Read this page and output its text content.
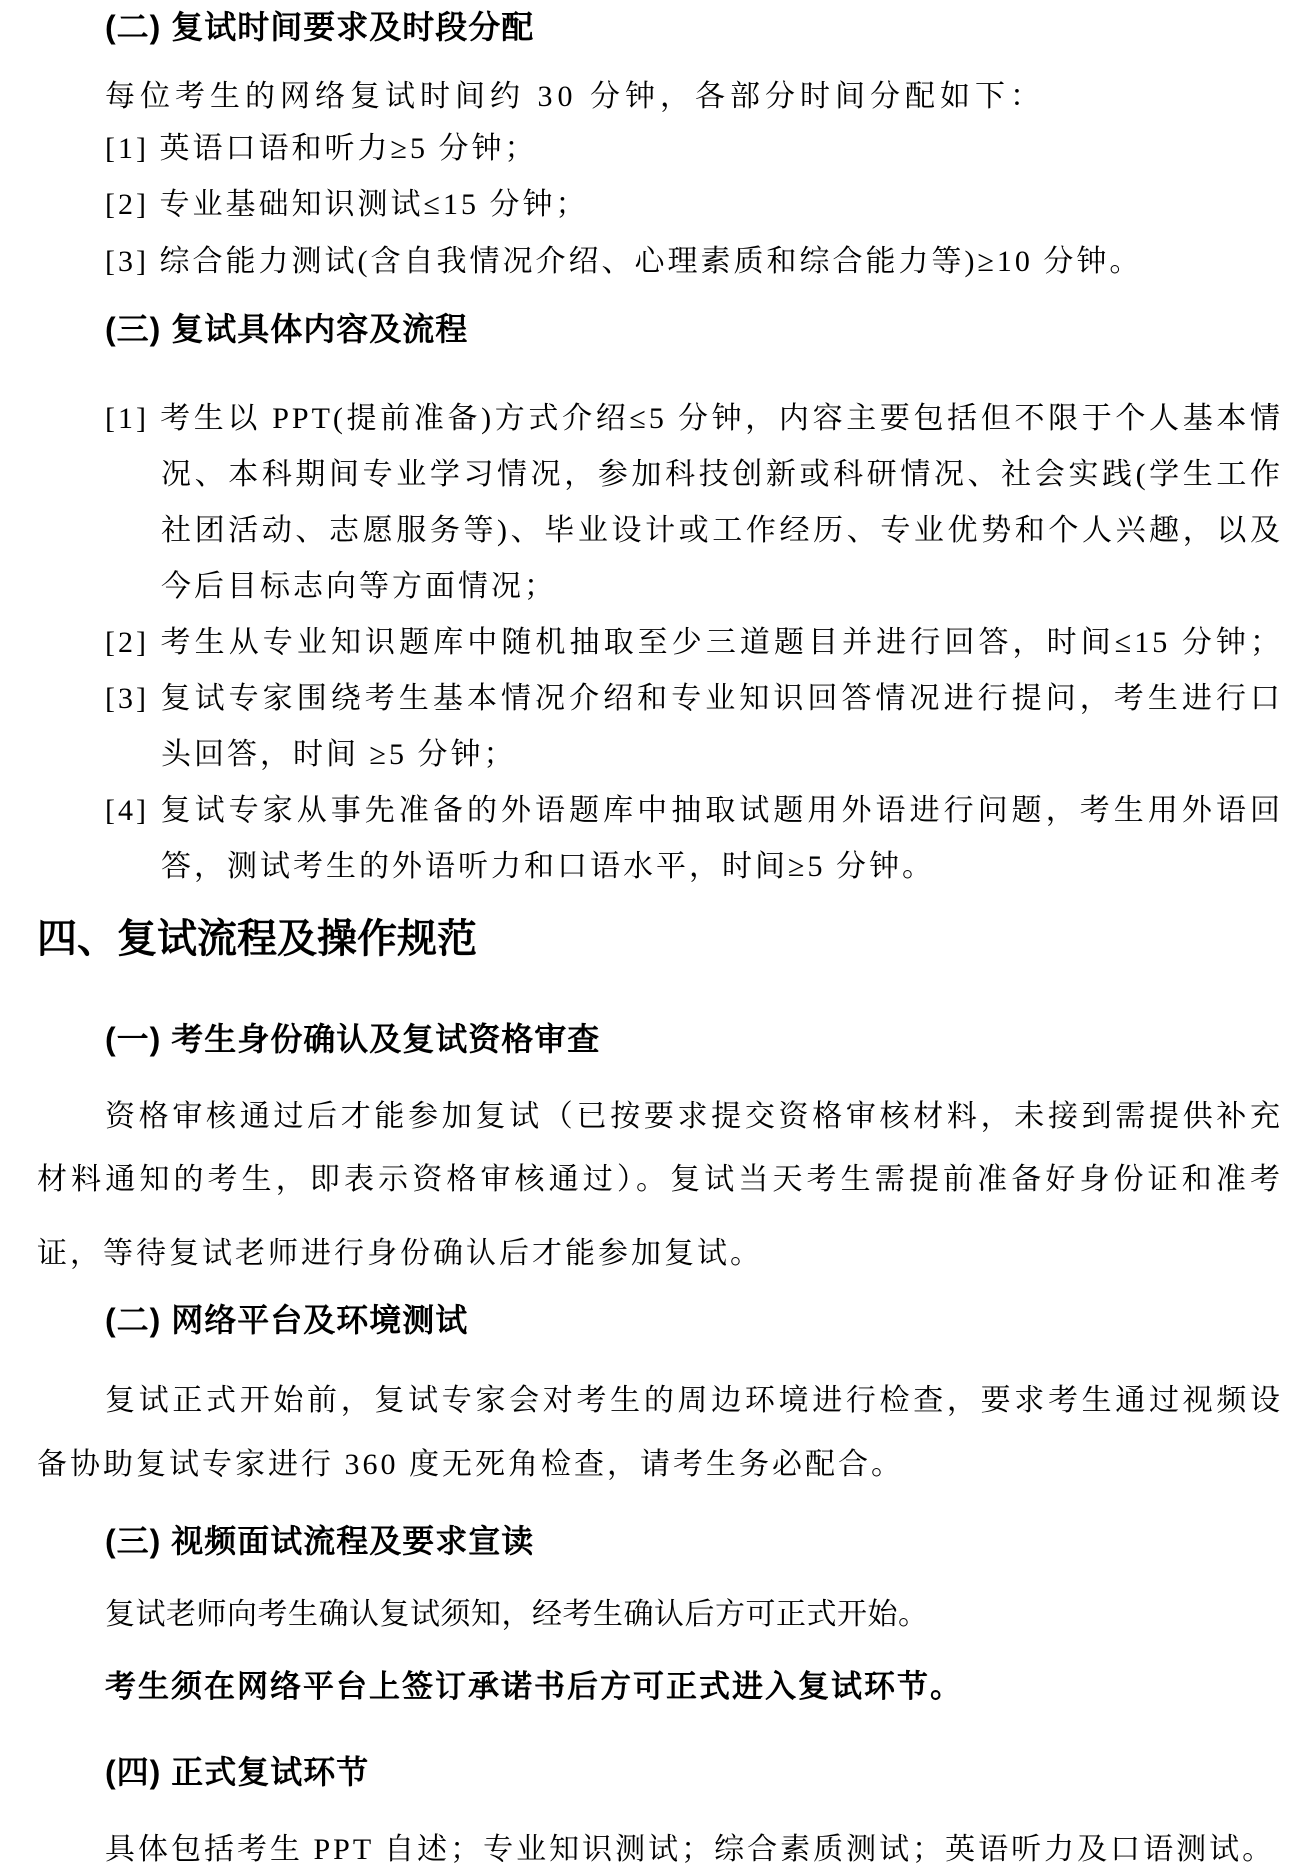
(二) 复试时间要求及时段分配
每位考生的网络复试时间约 30 分钟，各部分时间分配如下：
[1] 英语口语和听力≥5 分钟；
[2] 专业基础知识测试≤15 分钟；
[3] 综合能力测试(含自我情况介绍、心理素质和综合能力等)≥10 分钟。
(三) 复试具体内容及流程
[1] 考生以 PPT(提前准备)方式介绍≤5 分钟，内容主要包括但不限于个人基本情
况、本科期间专业学习情况，参加科技创新或科研情况、社会实践(学生工作
社团活动、志愿服务等)、毕业设计或工作经历、专业优势和个人兴趣，以及
今后目标志向等方面情况；
[2] 考生从专业知识题库中随机抽取至少三道题目并进行回答，时间≤15 分钟；
[3] 复试专家围绕考生基本情况介绍和专业知识回答情况进行提问，考生进行口
头回答，时间 ≥5 分钟；
[4] 复试专家从事先准备的外语题库中抽取试题用外语进行问题，考生用外语回
答，测试考生的外语听力和口语水平，时间≥5 分钟。
四、复试流程及操作规范
(一) 考生身份确认及复试资格审查
资格审核通过后才能参加复试（已按要求提交资格审核材料，未接到需提供补充
材料通知的考生，即表示资格审核通过）。复试当天考生需提前准备好身份证和准考
证，等待复试老师进行身份确认后才能参加复试。
(二) 网络平台及环境测试
复试正式开始前，复试专家会对考生的周边环境进行检查，要求考生通过视频设
备协助复试专家进行 360 度无死角检查，请考生务必配合。
(三) 视频面试流程及要求宣读
复试老师向考生确认复试须知，经考生确认后方可正式开始。
考生须在网络平台上签订承诺书后方可正式进入复试环节。
(四) 正式复试环节
具体包括考生 PPT 自述；专业知识测试；综合素质测试；英语听力及口语测试。
